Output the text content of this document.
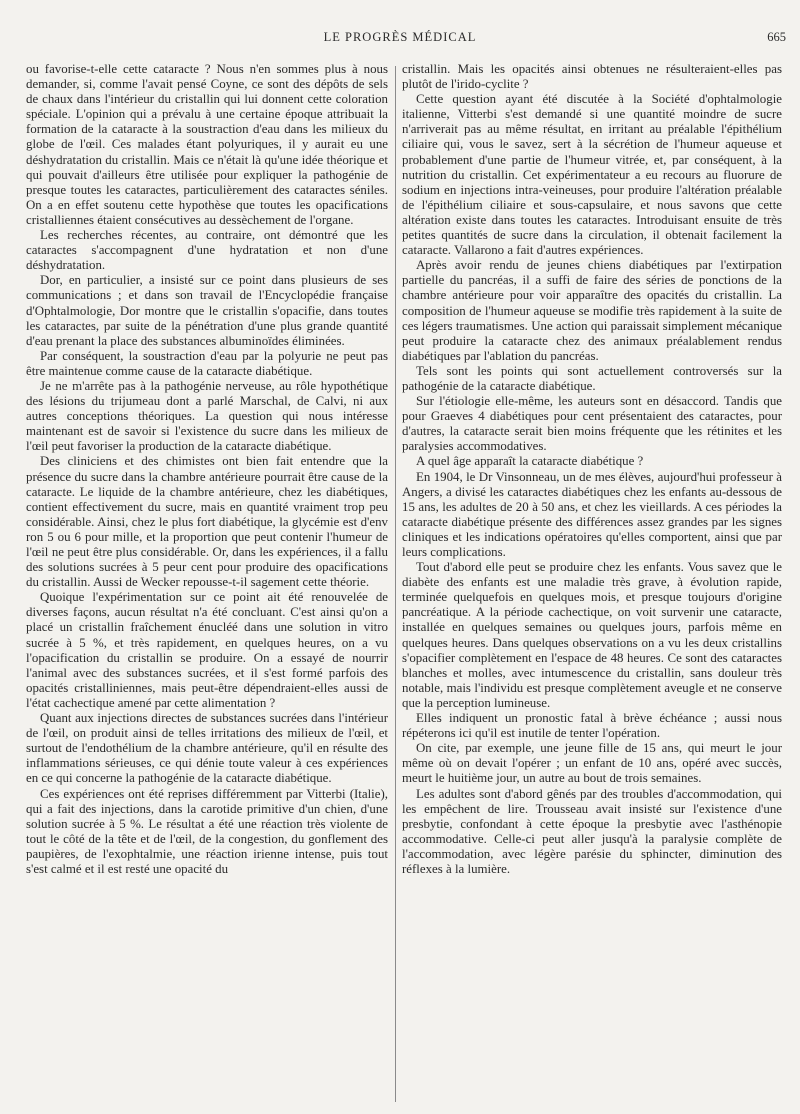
LE PROGRÈS MÉDICAL	665

ou favorise-t-elle cette cataracte ? Nous n'en sommes plus à nous demander, si, comme l'avait pensé Coyne, ce sont des dépôts de sels de chaux dans l'intérieur du cristallin qui lui donnent cette coloration spéciale. L'opinion qui a prévalu à une certaine époque attribuait la formation de la cataracte à la soustraction d'eau dans les milieux du globe de l'œil. Ces malades étant polyuriques, il y aurait eu une déshydratation du cristallin. Mais ce n'était là qu'une idée théorique et qui pouvait d'ailleurs être utilisée pour expliquer la pathogénie de presque toutes les cataractes, particulièrement des cataractes séniles. On a en effet soutenu cette hypothèse que toutes les opacifications cristalliennes étaient consécutives au dessèchement de l'organe.

Les recherches récentes, au contraire, ont démontré que les cataractes s'accompagnent d'une hydratation et non d'une déshydratation.

Dor, en particulier, a insisté sur ce point dans plusieurs de ses communications ; et dans son travail de l'Encyclopédie française d'Ophtalmologie, Dor montre que le cristallin s'opacifie, dans toutes les cataractes, par suite de la pénétration d'une plus grande quantité d'eau prenant la place des substances albuminoïdes éliminées.

Par conséquent, la soustraction d'eau par la polyurie ne peut pas être maintenue comme cause de la cataracte diabétique.

Je ne m'arrête pas à la pathogénie nerveuse, au rôle hypothétique des lésions du trijumeau dont a parlé Marschal, de Calvi, ni aux autres conceptions théoriques. La question qui nous intéresse maintenant est de savoir si l'existence du sucre dans les milieux de l'œil peut favoriser la production de la cataracte diabétique.

Des cliniciens et des chimistes ont bien fait entendre que la présence du sucre dans la chambre antérieure pourrait être cause de la cataracte. Le liquide de la chambre antérieure, chez les diabétiques, contient effectivement du sucre, mais en quantité vraiment trop peu considérable. Ainsi, chez le plus fort diabétique, la glycémie est d'env ron 5 ou 6 pour mille, et la proportion que peut contenir l'humeur de l'œil ne peut être plus considérable. Or, dans les expériences, il a fallu des solutions sucrées à 5 peur cent pour produire des opacifications du cristallin. Aussi de Wecker repousse-t-il sagement cette théorie.

Quoique l'expérimentation sur ce point ait été renouvelée de diverses façons, aucun résultat n'a été concluant. C'est ainsi qu'on a placé un cristallin fraîchement énucléé dans une solution in vitro sucrée à 5 %, et très rapidement, en quelques heures, on a vu l'opacification du cristallin se produire. On a essayé de nourrir l'animal avec des substances sucrées, et il s'est formé parfois des opacités cristalliniennes, mais peut-être dépendraient-elles aussi de l'état cachectique amené par cette alimentation ?

Quant aux injections directes de substances sucrées dans l'intérieur de l'œil, on produit ainsi de telles irritations des milieux de l'œil, et surtout de l'endothélium de la chambre antérieure, qu'il en résulte des inflammations sérieuses, ce qui dénie toute valeur à ces expériences en ce qui concerne la pathogénie de la cataracte diabétique.

Ces expériences ont été reprises différemment par Vitterbi (Italie), qui a fait des injections, dans la carotide primitive d'un chien, d'une solution sucrée à 5 %. Le résultat a été une réaction très violente de tout le côté de la tête et de l'œil, de la congestion, du gonflement des paupières, de l'exophtalmie, une réaction irienne intense, puis tout s'est calmé et il est resté une opacité du

cristallin. Mais les opacités ainsi obtenues ne résulteraient-elles pas plutôt de l'irido-cyclite ?

Cette question ayant été discutée à la Société d'ophtalmologie italienne, Vitterbi s'est demandé si une quantité moindre de sucre n'arriverait pas au même résultat, en irritant au préalable l'épithélium ciliaire qui, vous le savez, sert à la sécrétion de l'humeur aqueuse et probablement d'une partie de l'humeur vitrée, et, par conséquent, à la nutrition du cristallin. Cet expérimentateur a eu recours au fluorure de sodium en injections intra-veineuses, pour produire l'altération préalable de l'épithélium ciliaire et sous-capsulaire, et nous savons que cette altération existe dans toutes les cataractes. Introduisant ensuite de très petites quantités de sucre dans la circulation, il obtenait facilement la cataracte. Vallarono a fait d'autres expériences.

Après avoir rendu de jeunes chiens diabétiques par l'extirpation partielle du pancréas, il a suffi de faire des séries de ponctions de la chambre antérieure pour voir apparaître des opacités du cristallin. La composition de l'humeur aqueuse se modifie très rapidement à la suite de ces légers traumatismes. Une action qui paraissait simplement mécanique peut produire la cataracte chez des animaux préalablement rendus diabétiques par l'ablation du pancréas.

Tels sont les points qui sont actuellement controversés sur la pathogénie de la cataracte diabétique.

Sur l'étiologie elle-même, les auteurs sont en désaccord. Tandis que pour Graeves 4 diabétiques pour cent présentaient des cataractes, pour d'autres, la cataracte serait bien moins fréquente que les rétinites et les paralysies accommodatives.

A quel âge apparaît la cataracte diabétique ?

En 1904, le Dr Vinsonneau, un de mes élèves, aujourd'hui professeur à Angers, a divisé les cataractes diabétiques chez les enfants au-dessous de 15 ans, les adultes de 20 à 50 ans, et chez les vieillards. A ces périodes la cataracte diabétique présente des différences assez grandes par les signes cliniques et les indications opératoires qu'elles comportent, ainsi que par leurs complications.

Tout d'abord elle peut se produire chez les enfants. Vous savez que le diabète des enfants est une maladie très grave, à évolution rapide, terminée quelquefois en quelques mois, et presque toujours d'origine pancréatique. A la période cachectique, on voit survenir une cataracte, installée en quelques semaines ou quelques jours, parfois même en quelques heures. Dans quelques observations on a vu les deux cristallins s'opacifier complètement en l'espace de 48 heures. Ce sont des cataractes blanches et molles, avec intumescence du cristallin, sans douleur très notable, mais l'individu est presque complètement aveugle et ne conserve que la perception lumineuse.

Elles indiquent un pronostic fatal à brève échéance ; aussi nous répéterons ici qu'il est inutile de tenter l'opération.

On cite, par exemple, une jeune fille de 15 ans, qui meurt le jour même où on devait l'opérer ; un enfant de 10 ans, opéré avec succès, meurt le huitième jour, un autre au bout de trois semaines.

Les adultes sont d'abord gênés par des troubles d'accommodation, qui les empêchent de lire. Trousseau avait insisté sur l'existence d'une presbytie, confondant à cette époque la presbytie avec l'asthénopie accommodative. Celle-ci peut aller jusqu'à la paralysie complète de l'accommodation, avec légère parésie du sphincter, diminution des réflexes à la lumière.
